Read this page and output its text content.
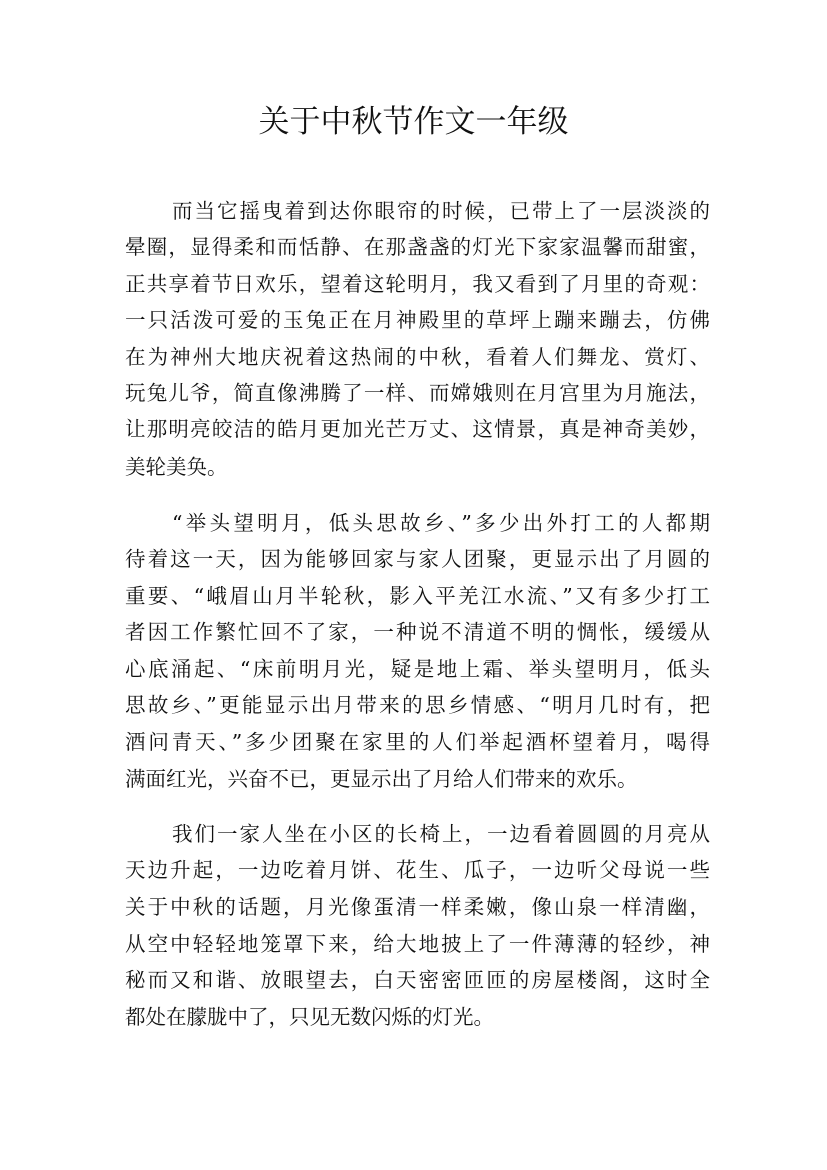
关于中秋节作文一年级
而当它摇曳着到达你眼帘的时候，已带上了一层淡淡的
晕圈，显得柔和而恬静、在那盏盏的灯光下家家温馨而甜蜜，
正共享着节日欢乐，望着这轮明月，我又看到了月里的奇观：
一只活泼可爱的玉兔正在月神殿里的草坪上蹦来蹦去，仿佛
在为神州大地庆祝着这热闹的中秋，看着人们舞龙、赏灯、
玩兔儿爷，简直像沸腾了一样、而嫦娥则在月宫里为月施法，
让那明亮皎洁的皓月更加光芒万丈、这情景，真是神奇美妙，
美轮美奂。
“举头望明月，低头思故乡、”多少出外打工的人都期
待着这一天，因为能够回家与家人团聚，更显示出了月圆的
重要、“峨眉山月半轮秋，影入平羌江水流、”又有多少打工
者因工作繁忙回不了家，一种说不清道不明的惆怅，缓缓从
心底涌起、“床前明月光，疑是地上霜、举头望明月，低头
思故乡、”更能显示出月带来的思乡情感、“明月几时有，把
酒问青天、”多少团聚在家里的人们举起酒杯望着月，喝得
满面红光，兴奋不已，更显示出了月给人们带来的欢乐。
我们一家人坐在小区的长椅上，一边看着圆圆的月亮从
天边升起，一边吃着月饼、花生、瓜子，一边听父母说一些
关于中秋的话题，月光像蛋清一样柔嫩，像山泉一样清幽，
从空中轻轻地笼罩下来，给大地披上了一件薄薄的轻纱，神
秘而又和谐、放眼望去，白天密密匝匝的房屋楼阁，这时全
都处在朦胧中了，只见无数闪烁的灯光。
